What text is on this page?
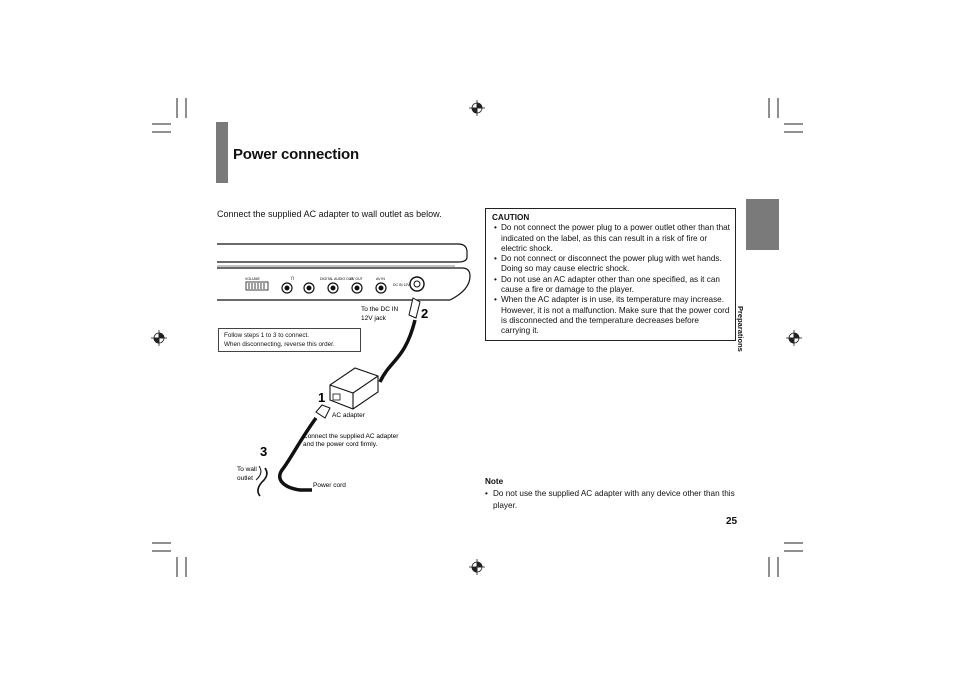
Power connection
Connect the supplied AC adapter to wall outlet as below.
Preparations
CAUTION
• Do not connect the power plug to a power outlet other than that indicated on the label, as this can result in a risk of fire or electric shock.
• Do not connect or disconnect the power plug with wet hands. Doing so may cause electric shock.
• Do not use an AC adapter other than one specified, as it can cause a fire or damage to the player.
• When the AC adapter is in use, its temperature may increase. However, it is not a malfunction. Make sure that the power cord is disconnected and the temperature decreases before carrying it.
Note
• Do not use the supplied AC adapter with any device other than this player.
25
VOLUME	∩	DIGITAL AUDIO OUT
AV OUT	AV IN
DC IN 12V
1
2
3
To the DC IN
12V jack
AC adapter
Connect the supplied AC adapter
and the power cord firmly.
To wall
outlet
Power cord
Follow steps 1 to 3 to connect.
When disconnecting, reverse this order.
